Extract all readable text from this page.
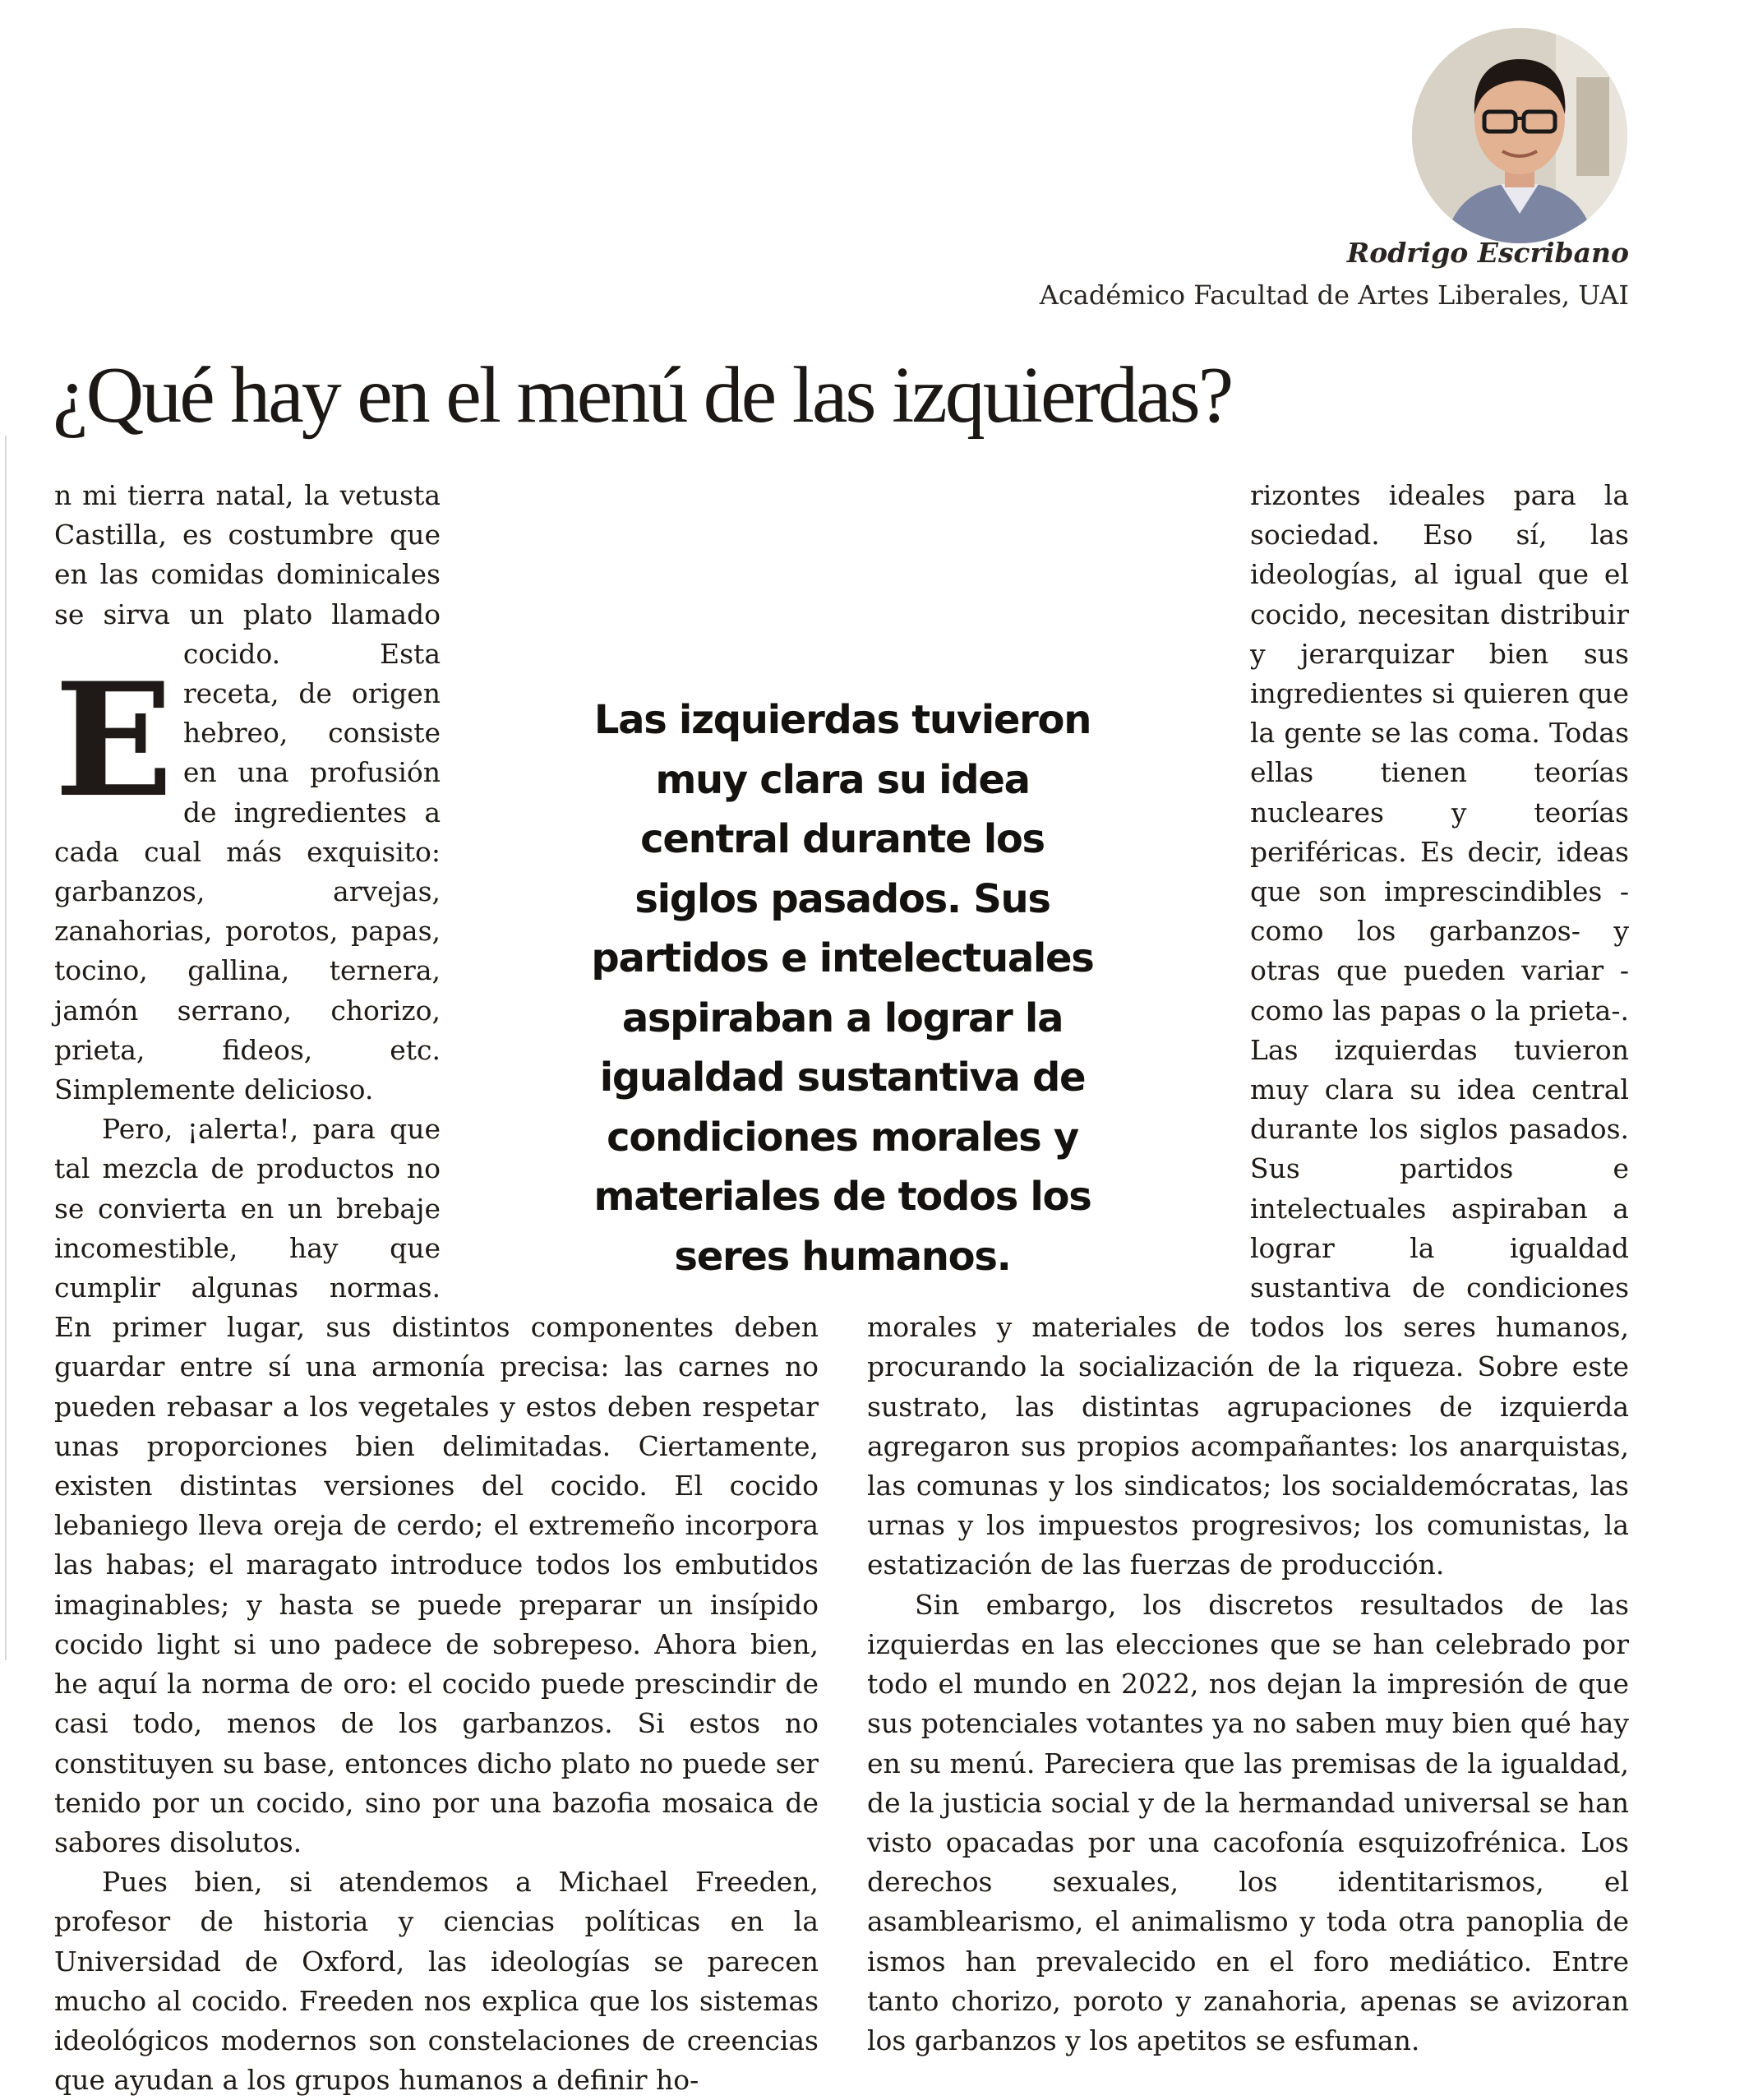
Rodrigo Escribano
Académico Facultad de Artes Liberales, UAI
¿Qué hay en el menú de las izquierdas?
E

n mi tierra natal, la vetusta Castilla, es costumbre que en las comidas dominicales se sirva un plato llamado cocido. Esta receta, de origen hebreo, consiste en una profusión de ingredientes a cada cual más exquisito: garbanzos, arvejas, zanahorias, porotos, papas, tocino, gallina, ternera, jamón serrano, chorizo, prieta, fideos, etc. Simplemente delicioso.

Pero, ¡alerta!, para que tal mezcla de productos no se convierta en un brebaje incomestible, hay que cumplir algunas normas. En primer lugar, sus distintos componentes deben guardar entre sí una armonía precisa: las carnes no pueden rebasar a los vegetales y estos deben respetar unas proporciones bien delimitadas. Ciertamente, existen distintas versiones del cocido. El cocido lebaniego lleva oreja de cerdo; el extremeño incorpora las habas; el maragato introduce todos los embutidos imaginables; y hasta se puede preparar un insípido cocido light si uno padece de sobrepeso. Ahora bien, he aquí la norma de oro: el cocido puede prescindir de casi todo, menos de los garbanzos. Si estos no constituyen su base, entonces dicho plato no puede ser tenido por un cocido, sino por una bazofia mosaica de sabores disolutos.

Pues bien, si atendemos a Michael Freeden, profesor de historia y ciencias políticas en la Universidad de Oxford, las ideologías se parecen mucho al cocido. Freeden nos explica que los sistemas ideológicos modernos son constelaciones de creencias que ayudan a los grupos humanos a definir ho-

rizontes ideales para la sociedad. Eso sí, las ideologías, al igual que el cocido, necesitan distribuir y jerarquizar bien sus ingredientes si quieren que la gente se las coma. Todas ellas tienen teorías nucleares y teorías periféricas. Es decir, ideas que son imprescindibles -como los garbanzos- y otras que pueden variar -como las papas o la prieta-. Las izquierdas tuvieron muy clara su idea central durante los siglos pasados. Sus partidos e intelectuales aspiraban a lograr la igualdad sustantiva de condiciones morales y materiales de todos los seres humanos, procurando la socialización de la riqueza. Sobre este sustrato, las distintas agrupaciones de izquierda agregaron sus propios acompañantes: los anarquistas, las comunas y los sindicatos; los socialdemócratas, las urnas y los impuestos progresivos; los comunistas, la estatización de las fuerzas de producción.

Sin embargo, los discretos resultados de las izquierdas en las elecciones que se han celebrado por todo el mundo en 2022, nos dejan la impresión de que sus potenciales votantes ya no saben muy bien qué hay en su menú. Pareciera que las premisas de la igualdad, de la justicia social y de la hermandad universal se han visto opacadas por una cacofonía esquizofrénica. Los derechos sexuales, los identitarismos, el asamblearismo, el animalismo y toda otra panoplia de ismos han prevalecido en el foro mediático. Entre tanto chorizo, poroto y zanahoria, apenas se avizoran los garbanzos y los apetitos se esfuman.

Las izquierdas tuvieron muy clara su idea central durante los siglos pasados. Sus partidos e intelectuales aspiraban a lograr la igualdad sustantiva de condiciones morales y materiales de todos los seres humanos.
